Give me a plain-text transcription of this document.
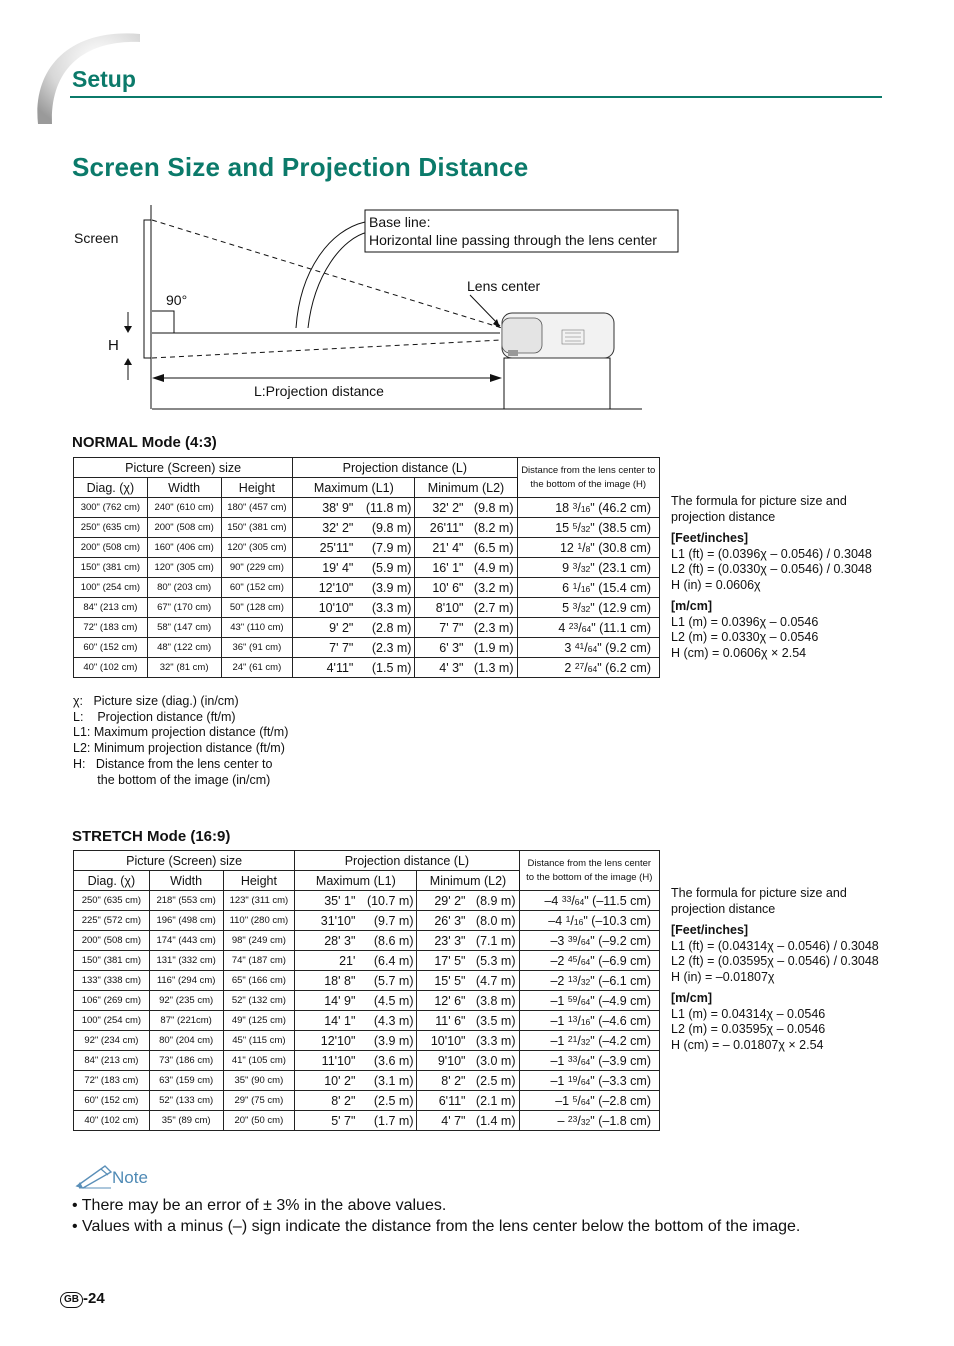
Setup
Screen Size and Projection Distance
Screen
90°
H
Base line:
Horizontal line passing through the lens center
Lens center
L:Projection distance
NORMAL Mode (4:3)
Picture (Screen) size			Projection distance (L)				Distance from the lens center to the bottom of the image (H)
Diag. (χ)	Width	Height	Maximum (L1)		Minimum (L2)		
300" (762 cm)	240" (610 cm)	180" (457 cm)	38' 9"	(11.8 m)	32' 2"	(9.8 m)	18 $^3$/16" (46.2 cm)
250" (635 cm)	200" (508 cm)	150" (381 cm)	32' 2"	(9.8 m)	26'11"	(8.2 m)	15 $^5$/32" (38.5 cm)
200" (508 cm)	160" (406 cm)	120" (305 cm)	25'11"	(7.9 m)	21' 4"	(6.5 m)	12 $^1$/8" (30.8 cm)
150" (381 cm)	120" (305 cm)	90" (229 cm)	19' 4"	(5.9 m)	16' 1"	(4.9 m)	9 $^3$/32" (23.1 cm)
100" (254 cm)	80" (203 cm)	60" (152 cm)	12'10"	(3.9 m)	10' 6"	(3.2 m)	6 $^1$/16" (15.4 cm)
84" (213 cm)	67" (170 cm)	50" (128 cm)	10'10"	(3.3 m)	8'10"	(2.7 m)	5 $^3$/32" (12.9 cm)
72" (183 cm)	58" (147 cm)	43" (110 cm)	9' 2"	(2.8 m)	7' 7"	(2.3 m)	4 $^{23}$/64" (11.1 cm)
60" (152 cm)	48" (122 cm)	36" (91 cm)	7' 7"	(2.3 m)	6' 3"	(1.9 m)	3 $^{41}$/64" (9.2 cm)
40" (102 cm)	32" (81 cm)	24" (61 cm)	4'11"	(1.5 m)	4' 3"	(1.3 m)	2 $^{27}$/64" (6.2 cm)
The formula for picture size and projection distance
[Feet/inches]
L1 (ft) = (0.0396χ – 0.0546) / 0.3048
L2 (ft) = (0.0330χ – 0.0546) / 0.3048
H (in) = 0.0606χ
[m/cm]
L1 (m) = 0.0396χ – 0.0546
L2 (m) = 0.0330χ – 0.0546
H (cm) = 0.0606χ × 2.54
χ:   Picture size (diag.) (in/cm)
L:    Projection distance (ft/m)
L1: Maximum projection distance (ft/m)
L2: Minimum projection distance (ft/m)
H:   Distance from the lens center to
the bottom of the image (in/cm)
STRETCH Mode (16:9)
Picture (Screen) size			Projection distance (L)				Distance from the lens center to the bottom of the image (H)
Diag. (χ)	Width	Height	Maximum (L1)		Minimum (L2)		
250" (635 cm)	218" (553 cm)	123" (311 cm)	35' 1"	(10.7 m)	29' 2"	(8.9 m)	–4 $^{33}$/64" (–11.5 cm)
225" (572 cm)	196" (498 cm)	110" (280 cm)	31'10"	(9.7 m)	26' 3"	(8.0 m)	–4 $^1$/16" (–10.3 cm)
200" (508 cm)	174" (443 cm)	98" (249 cm)	28' 3"	(8.6 m)	23' 3"	(7.1 m)	–3 $^{39}$/64" (–9.2 cm)
150" (381 cm)	131" (332 cm)	74" (187 cm)	21'	(6.4 m)	17' 5"	(5.3 m)	–2 $^{45}$/64" (–6.9 cm)
133" (338 cm)	116" (294 cm)	65" (166 cm)	18' 8"	(5.7 m)	15' 5"	(4.7 m)	–2 $^{13}$/32" (–6.1 cm)
106" (269 cm)	92" (235 cm)	52" (132 cm)	14' 9"	(4.5 m)	12' 6"	(3.8 m)	–1 $^{59}$/64" (–4.9 cm)
100" (254 cm)	87" (221cm)	49" (125 cm)	14' 1"	(4.3 m)	11' 6"	(3.5 m)	–1 $^{13}$/16" (–4.6 cm)
92" (234 cm)	80" (204 cm)	45" (115 cm)	12'10"	(3.9 m)	10'10"	(3.3 m)	–1 $^{21}$/32" (–4.2 cm)
84" (213 cm)	73" (186 cm)	41" (105 cm)	11'10"	(3.6 m)	9'10"	(3.0 m)	–1 $^{33}$/64" (–3.9 cm)
72" (183 cm)	63" (159 cm)	35" (90 cm)	10' 2"	(3.1 m)	8' 2"	(2.5 m)	–1 $^{19}$/64" (–3.3 cm)
60" (152 cm)	52" (133 cm)	29" (75 cm)	8' 2"	(2.5 m)	6'11"	(2.1 m)	–1 $^5$/64" (–2.8 cm)
40" (102 cm)	35" (89 cm)	20" (50 cm)	5' 7"	(1.7 m)	4' 7"	(1.4 m)	– $^{23}$/32" (–1.8 cm)
The formula for picture size and projection distance
[Feet/inches]
L1 (ft) = (0.04314χ – 0.0546) / 0.3048
L2 (ft) = (0.03595χ – 0.0546) / 0.3048
H (in) = –0.01807χ
[m/cm]
L1 (m) = 0.04314χ – 0.0546
L2 (m) = 0.03595χ – 0.0546
H (cm) = – 0.01807χ × 2.54
Note
• There may be an error of ± 3% in the above values.
• Values with a minus (–) sign indicate the distance from the lens center below the bottom of the image.
GB -24
